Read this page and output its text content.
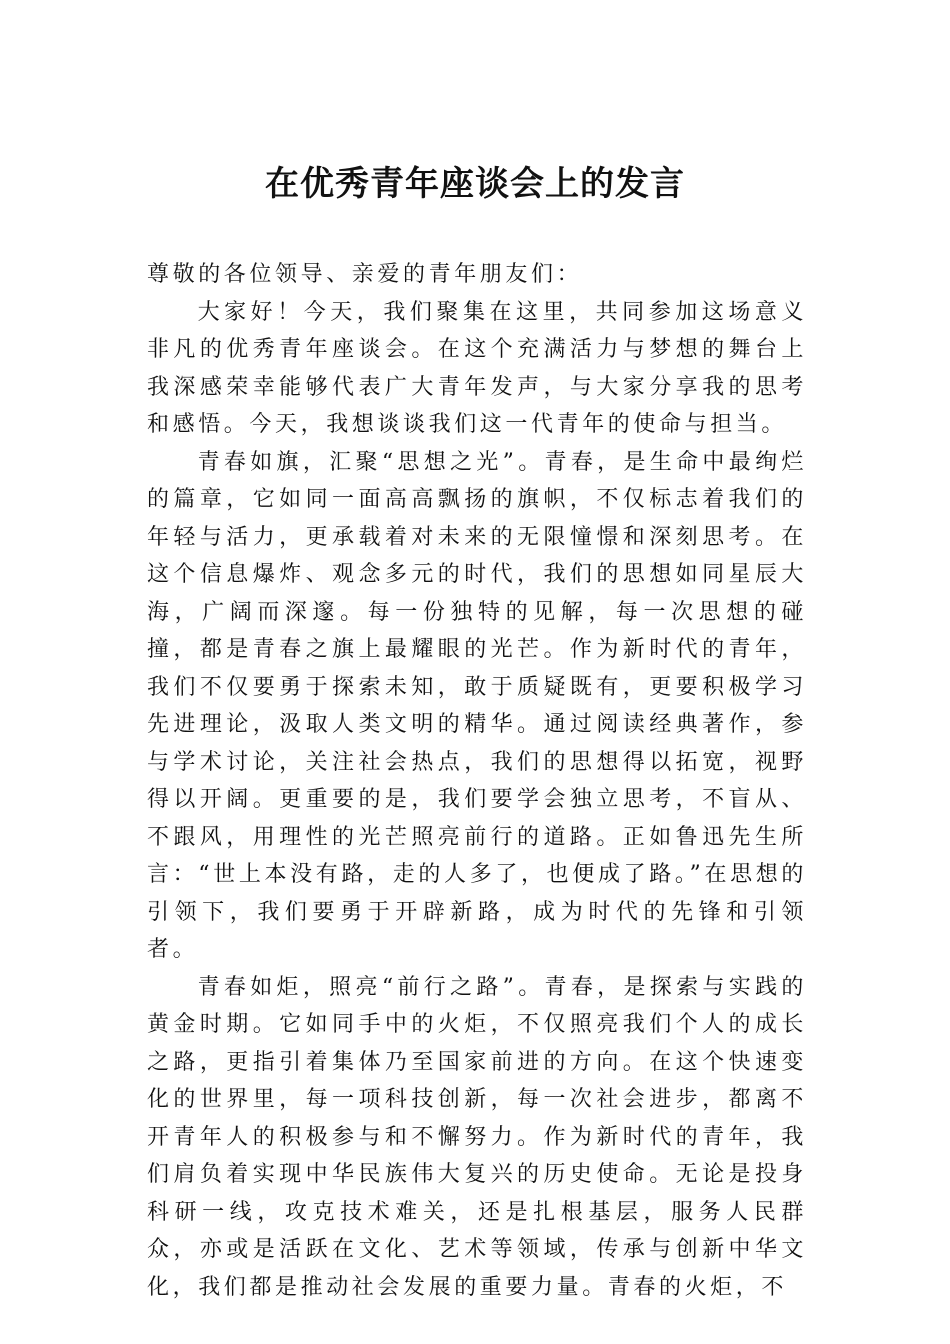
在优秀青年座谈会上的发言

尊敬的各位领导、亲爱的青年朋友们：

大家好！今天，我们聚集在这里，共同参加这场意义非凡的优秀青年座谈会。在这个充满活力与梦想的舞台上我深感荣幸能够代表广大青年发声，与大家分享我的思考和感悟。今天，我想谈谈我们这一代青年的使命与担当。

青春如旗，汇聚“思想之光”。青春，是生命中最绚烂的篇章，它如同一面高高飘扬的旗帜，不仅标志着我们的年轻与活力，更承载着对未来的无限憧憬和深刻思考。在这个信息爆炸、观念多元的时代，我们的思想如同星辰大海，广阔而深邃。每一份独特的见解，每一次思想的碰撞，都是青春之旗上最耀眼的光芒。作为新时代的青年，我们不仅要勇于探索未知，敢于质疑既有，更要积极学习先进理论，汲取人类文明的精华。通过阅读经典著作，参与学术讨论，关注社会热点，我们的思想得以拓宽，视野得以开阔。更重要的是，我们要学会独立思考，不盲从、不跟风，用理性的光芒照亮前行的道路。正如鲁迅先生所言：“世上本没有路，走的人多了，也便成了路。”在思想的引领下，我们要勇于开辟新路，成为时代的先锋和引领者。

青春如炬，照亮“前行之路”。青春，是探索与实践的黄金时期。它如同手中的火炬，不仅照亮我们个人的成长之路，更指引着集体乃至国家前进的方向。在这个快速变化的世界里，每一项科技创新，每一次社会进步，都离不开青年人的积极参与和不懈努力。作为新时代的青年，我们肩负着实现中华民族伟大复兴的历史使命。无论是投身科研一线，攻克技术难关，还是扎根基层，服务人民群众，亦或是活跃在文化、艺术等领域，传承与创新中华文化，我们都是推动社会发展的重要力量。青春的火炬，不
